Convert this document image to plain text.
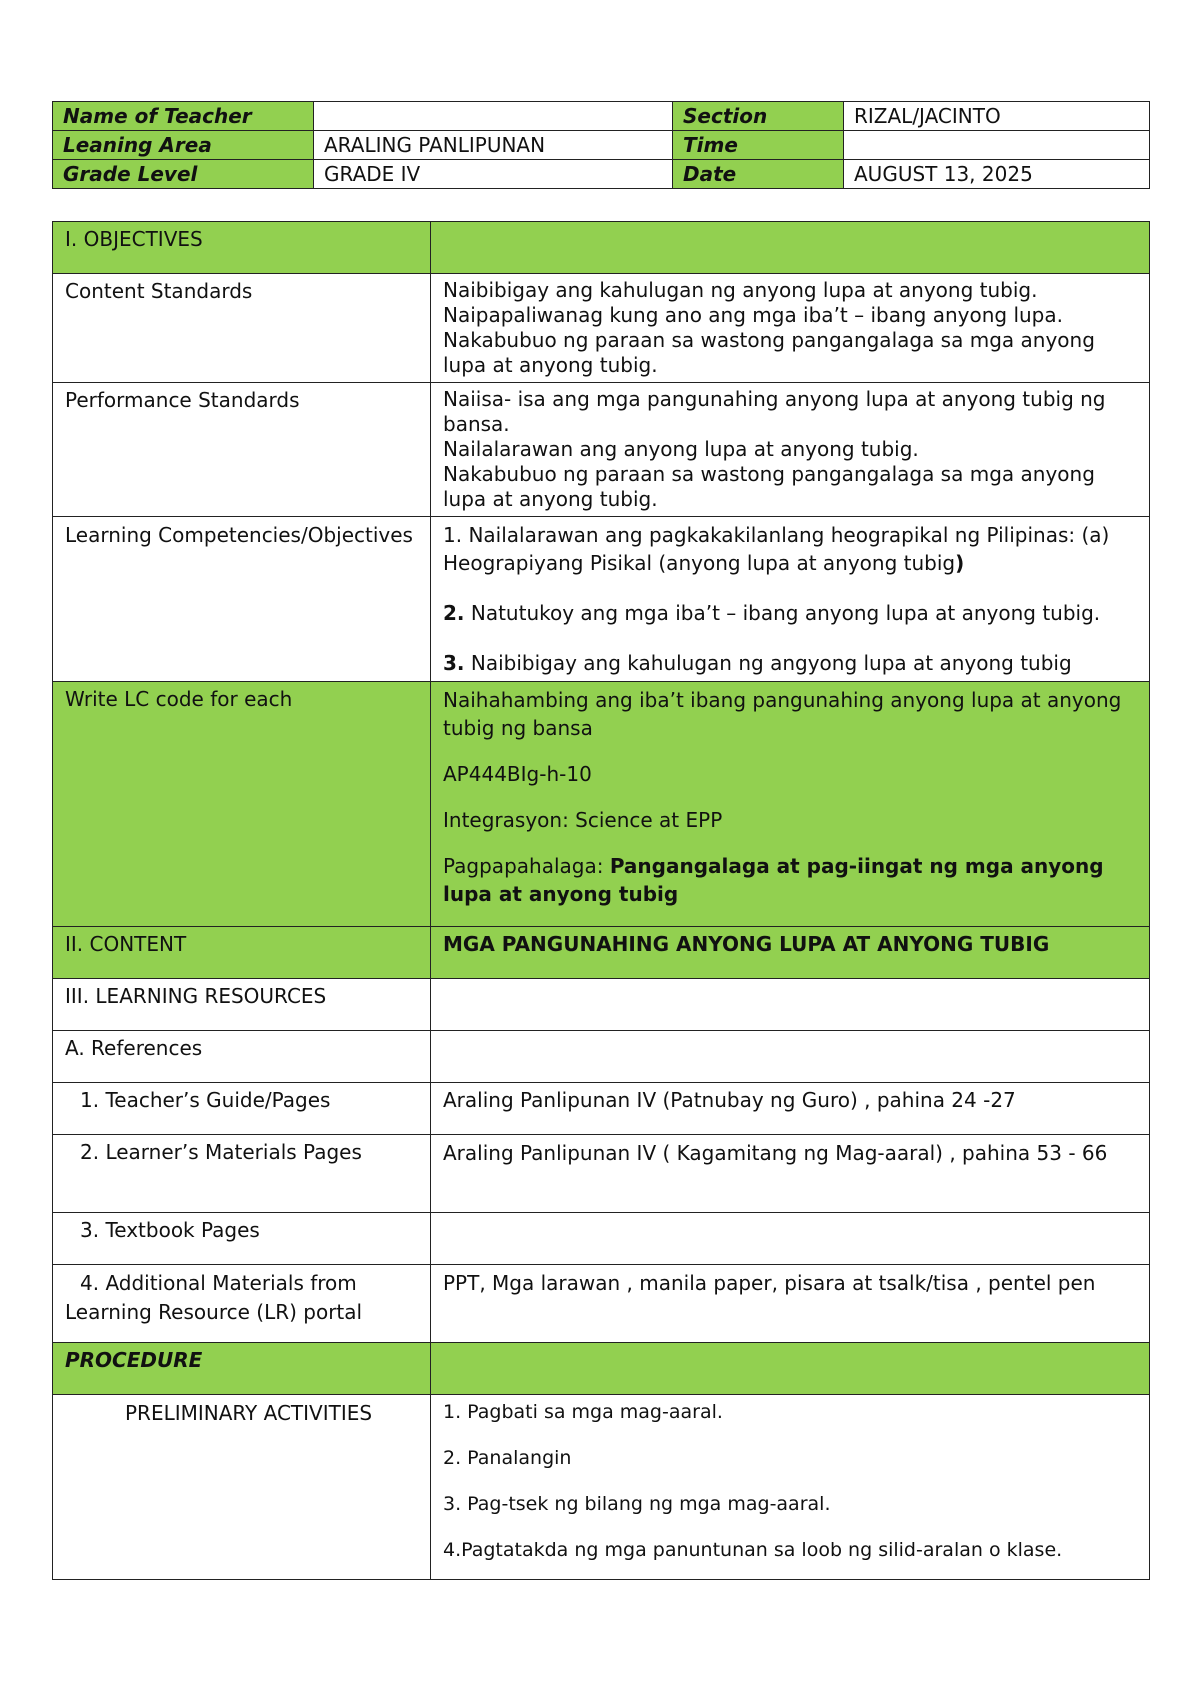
Name of Teacher		Section	RIZAL/JACINTO
Leaning Area	ARALING PANLIPUNAN	Time	
Grade Level	GRADE IV	Date	AUGUST 13, 2025
I. OBJECTIVES	
Content Standards	Naibibigay ang kahulugan ng anyong lupa at anyong tubig.

Naipapaliwanag kung ano ang mga iba’t – ibang anyong lupa.

Nakabubuo ng paraan sa wastong pangangalaga sa mga anyong lupa at anyong tubig.

Performance Standards	Naiisa- isa ang mga pangunahing anyong lupa at anyong tubig ng bansa.

Nailalarawan ang anyong lupa at anyong tubig.

Nakabubuo ng paraan sa wastong pangangalaga sa mga anyong lupa at anyong tubig.

Learning Competencies/Objectives	1. Nailalarawan ang pagkakakilanlang heograpikal ng Pilipinas: (a) Heograpiyang Pisikal (anyong lupa at anyong tubig)

2. Natutukoy ang mga iba’t – ibang anyong lupa at anyong tubig.

3. Naibibigay ang kahulugan ng angyong lupa at anyong tubig

Write LC code for each	Naihahambing ang iba’t ibang pangunahing anyong lupa at anyong tubig ng bansa

AP444BIg-h-10

Integrasyon: Science at EPP

Pagpapahalaga: Pangangalaga at pag-iingat ng mga anyong lupa at anyong tubig

II. CONTENT	MGA PANGUNAHING ANYONG LUPA AT ANYONG TUBIG
III. LEARNING RESOURCES	
A. References	
1. Teacher’s Guide/Pages	Araling Panlipunan IV (Patnubay ng Guro) , pahina 24 -27
2. Learner’s Materials Pages	Araling Panlipunan IV ( Kagamitang ng Mag-aaral) , pahina 53 - 66
3. Textbook Pages	
4. Additional Materials from Learning Resource (LR) portal	PPT, Mga larawan , manila paper, pisara at tsalk/tisa , pentel pen
PROCEDURE	

PRELIMINARY ACTIVITIES	1. Pagbati sa mga mag-aaral.

2. Panalangin

3. Pag-tsek ng bilang ng mga mag-aaral.

4.Pagtatakda ng mga panuntunan sa loob ng silid-aralan o klase.
